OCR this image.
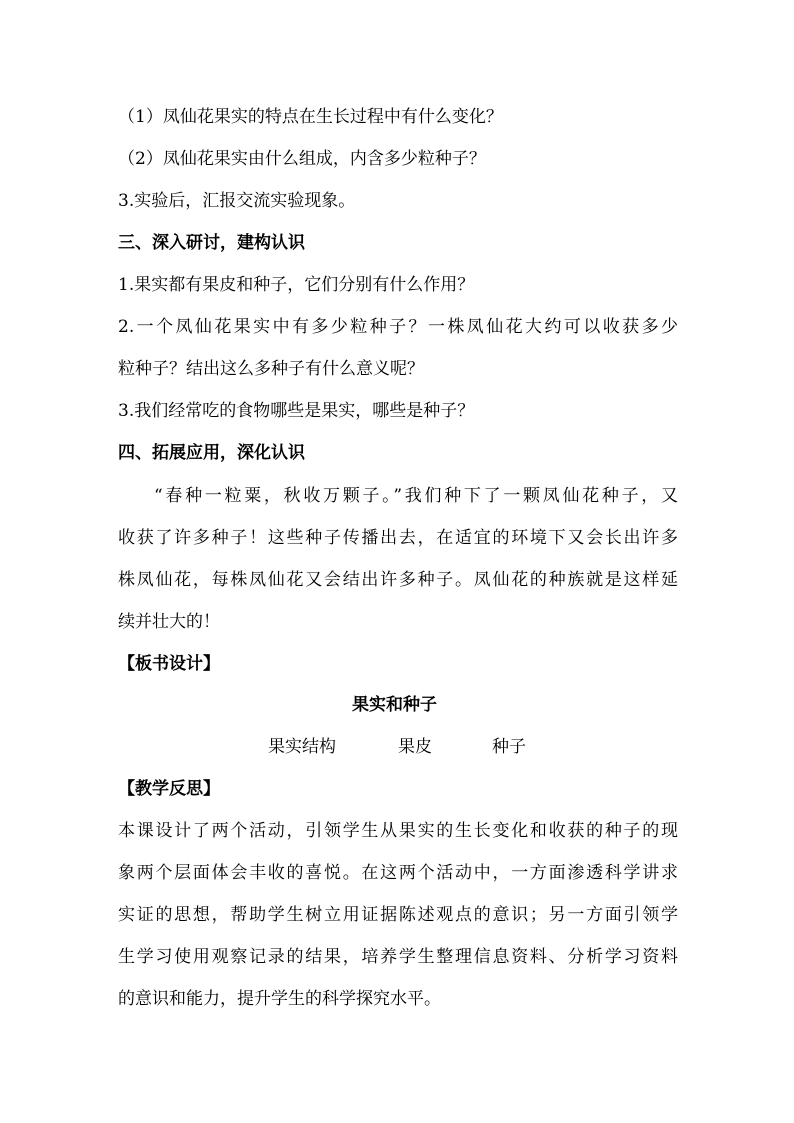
（1）凤仙花果实的特点在生长过程中有什么变化？
（2）凤仙花果实由什么组成，内含多少粒种子？
3.实验后，汇报交流实验现象。
三、深入研讨，建构认识
1.果实都有果皮和种子，它们分别有什么作用？
2.一个凤仙花果实中有多少粒种子？一株凤仙花大约可以收获多少
粒种子？结出这么多种子有什么意义呢？
3.我们经常吃的食物哪些是果实，哪些是种子？
四、拓展应用，深化认识
“春种一粒粟，秋收万颗子。”我们种下了一颗凤仙花种子，又
收获了许多种子！这些种子传播出去，在适宜的环境下又会长出许多
株凤仙花，每株凤仙花又会结出许多种子。凤仙花的种族就是这样延
续并壮大的！
【板书设计】
果实和种子
果实结构	果皮	种子
【教学反思】
本课设计了两个活动，引领学生从果实的生长变化和收获的种子的现
象两个层面体会丰收的喜悦。在这两个活动中，一方面渗透科学讲求
实证的思想，帮助学生树立用证据陈述观点的意识；另一方面引领学
生学习使用观察记录的结果，培养学生整理信息资料、分析学习资料
的意识和能力，提升学生的科学探究水平。
